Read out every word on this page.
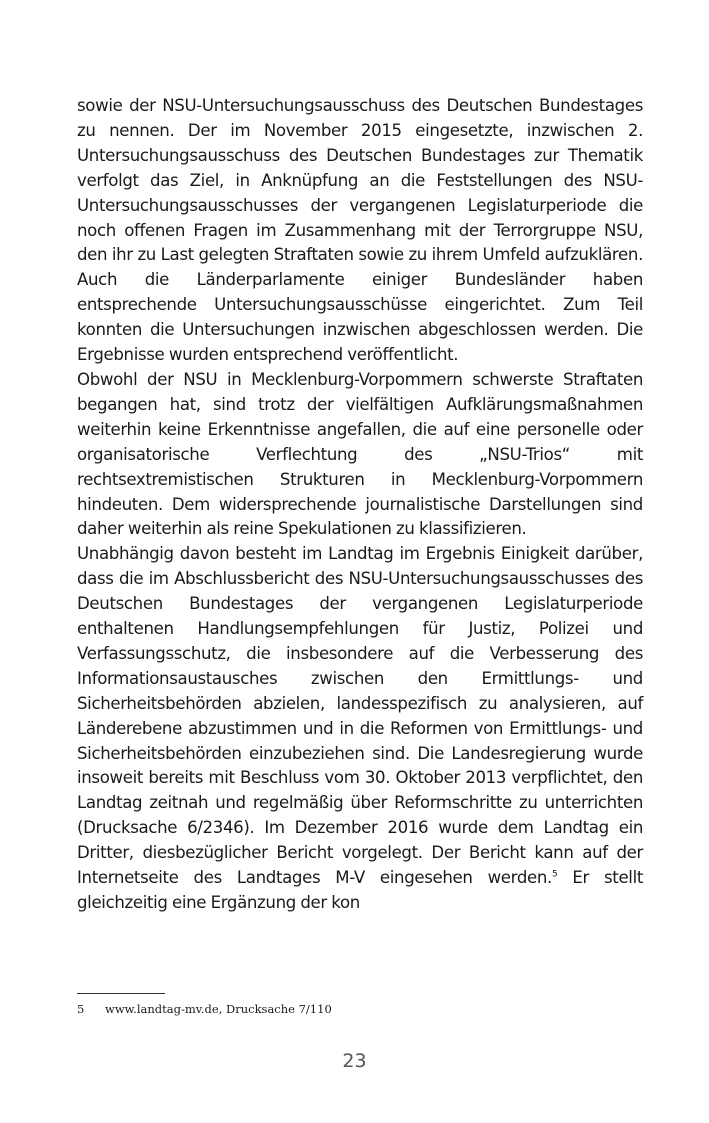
sowie der NSU-Untersuchungsausschuss des Deutschen Bundestages zu nennen. Der im November 2015 eingesetzte, inzwischen 2. Untersuchungsausschuss des Deutschen Bundestages zur Thematik verfolgt das Ziel, in Anknüpfung an die Feststellungen des NSU-Untersuchungsausschusses der vergangenen Legislaturperiode die noch offenen Fragen im Zusammenhang mit der Terrorgruppe NSU, den ihr zu Last gelegten Straftaten sowie zu ihrem Umfeld aufzuklären. Auch die Länderparlamente einiger Bundesländer haben entsprechende Untersuchungsausschüsse eingerichtet. Zum Teil konnten die Untersuchungen inzwischen abgeschlossen werden. Die Ergebnisse wurden entsprechend veröffentlicht.

Obwohl der NSU in Mecklenburg-Vorpommern schwerste Straftaten begangen hat, sind trotz der vielfältigen Aufklärungsmaßnahmen weiterhin keine Erkenntnisse angefallen, die auf eine personelle oder organisatorische Verflechtung des „NSU-Trios“ mit rechtsextremistischen Strukturen in Mecklenburg-Vorpommern hindeuten. Dem widersprechende journalistische Darstellungen sind daher weiterhin als reine Spekulationen zu klassifizieren.

Unabhängig davon besteht im Landtag im Ergebnis Einigkeit darüber, dass die im Abschlussbericht des NSU-Untersuchungsausschusses des Deutschen Bundestages der vergangenen Legislaturperiode enthaltenen Handlungsempfehlungen für Justiz, Polizei und Verfassungsschutz, die insbesondere auf die Verbesserung des Informationsaustausches zwischen den Ermittlungs- und Sicherheitsbehörden abzielen, landesspezifisch zu analysieren, auf Länderebene abzustimmen und in die Reformen von Ermittlungs- und Sicherheitsbehörden einzubeziehen sind. Die Landesregierung wurde insoweit bereits mit Beschluss vom 30. Oktober 2013 verpflichtet, den Landtag zeitnah und regelmäßig über Reformschritte zu unterrichten (Drucksache 6/2346). Im Dezember 2016 wurde dem Landtag ein Dritter, diesbezüglicher Bericht vorgelegt. Der Bericht kann auf der Internetseite des Landtages M-V eingesehen werden.$^5$ Er stellt gleichzeitig eine Ergänzung der kon

5 www.landtag-mv.de, Drucksache 7/110
23
